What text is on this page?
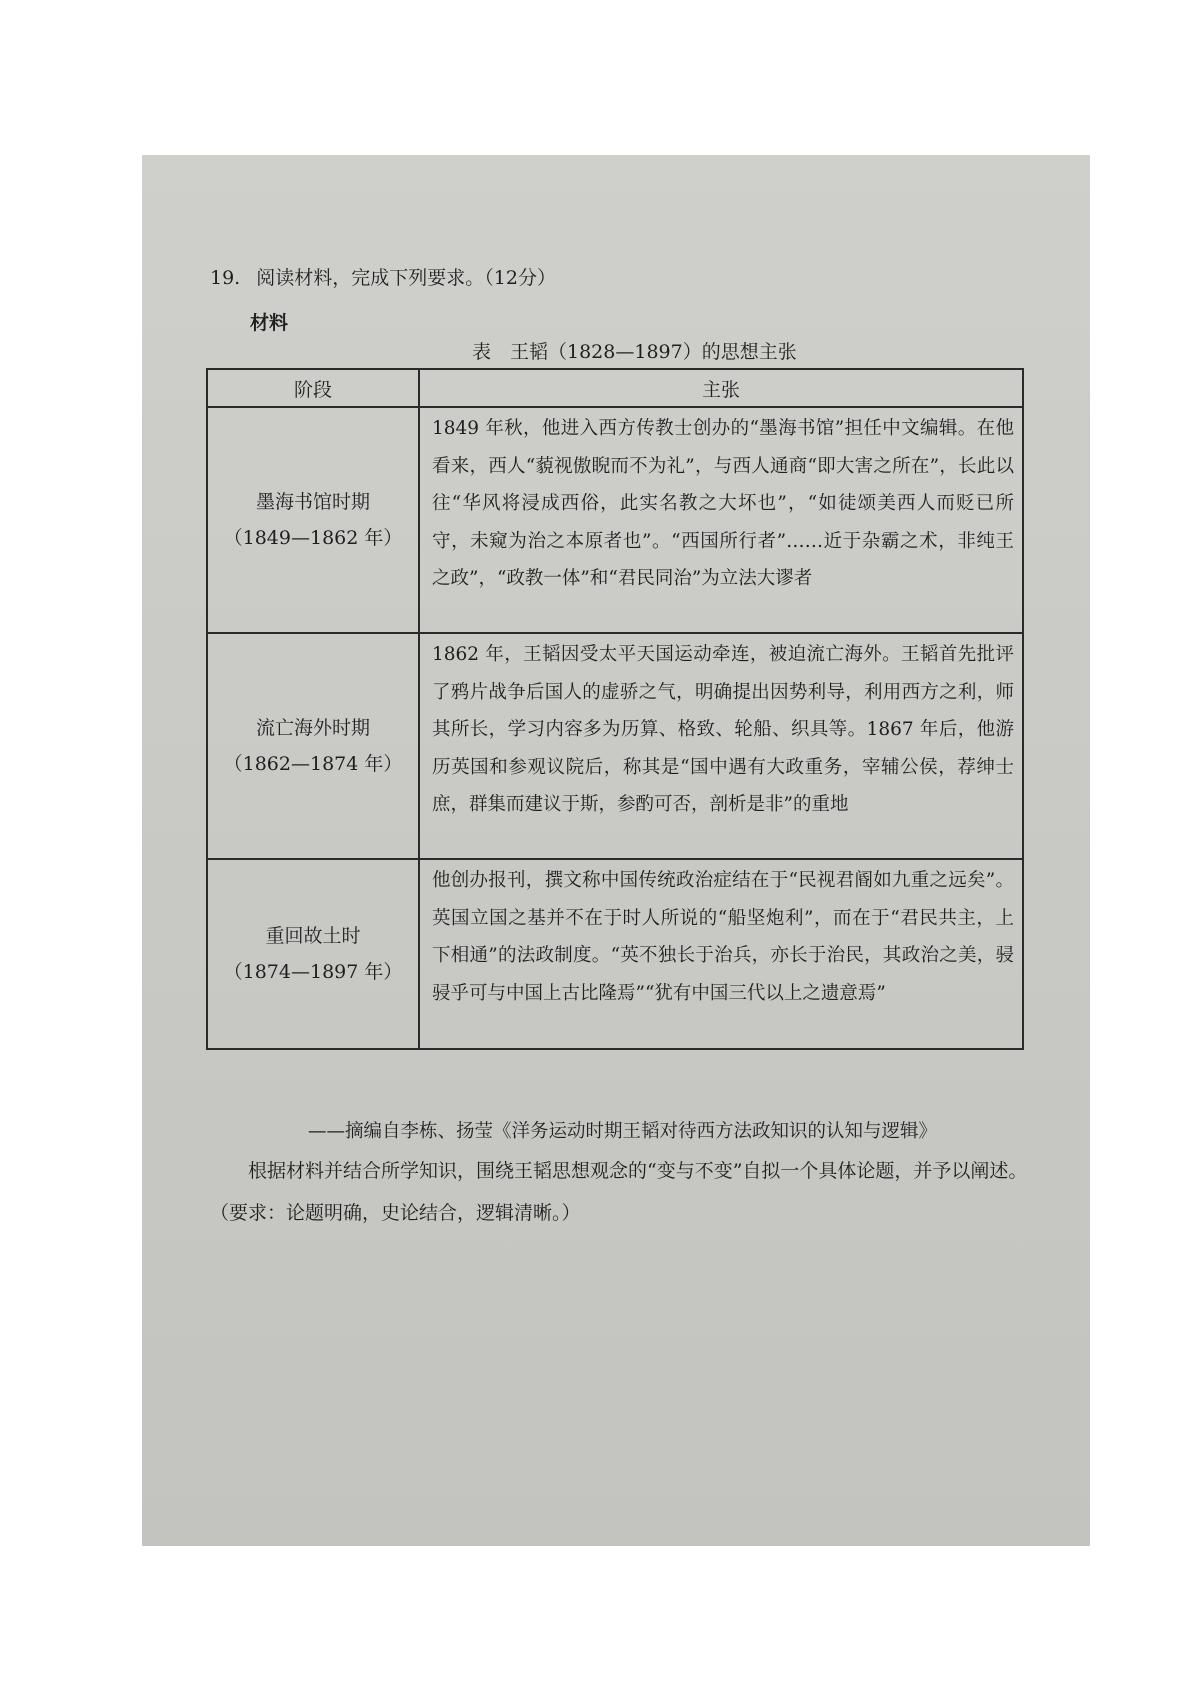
19. 阅读材料，完成下列要求。（12分）
材料
表　王韬（1828—1897）的思想主张
阶段	主张

墨海书馆时期
（1849—1862 年）	1849 年秋，他进入西方传教士创办的“墨海书馆”担任中文编辑。在他看来，西人“藐视傲睨而不为礼”，与西人通商“即大害之所在”，长此以往“华风将浸成西俗，此实名教之大坏也”，“如徒颂美西人而贬已所守，未窥为治之本原者也”。“西国所行者”……近于杂霸之术，非纯王之政”，“政教一体”和“君民同治”为立法大谬者

流亡海外时期
（1862—1874 年）	1862 年，王韬因受太平天国运动牵连，被迫流亡海外。王韬首先批评了鸦片战争后国人的虚骄之气，明确提出因势利导，利用西方之利，师其所长，学习内容多为历算、格致、轮船、织具等。1867 年后，他游历英国和参观议院后，称其是“国中遇有大政重务，宰辅公侯，荐绅士庶，群集而建议于斯，参酌可否，剖析是非”的重地

重回故土时
（1874—1897 年）	他创办报刊，撰文称中国传统政治症结在于“民视君阍如九重之远矣”。英国立国之基并不在于时人所说的“船坚炮利”，而在于“君民共主，上下相通”的法政制度。“英不独长于治兵，亦长于治民，其政治之美，骎骎乎可与中国上古比隆焉”“犹有中国三代以上之遗意焉”
——摘编自李栋、扬莹《洋务运动时期王韬对待西方法政知识的认知与逻辑》
根据材料并结合所学知识，围绕王韬思想观念的“变与不变”自拟一个具体论题，并予以阐述。（要求：论题明确，史论结合，逻辑清晰。）
